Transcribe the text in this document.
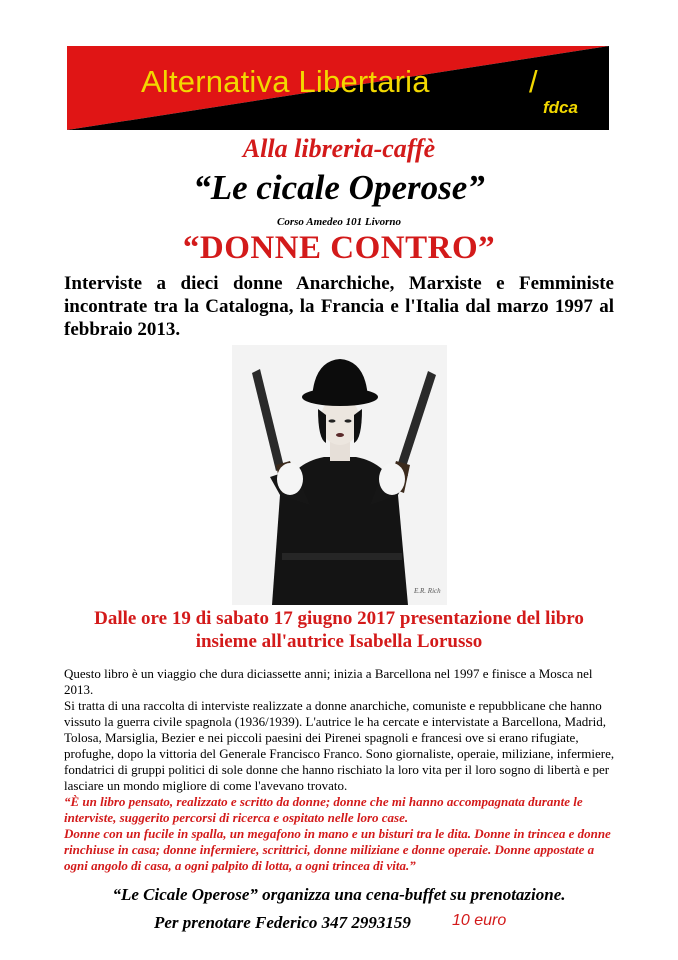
Alternativa Libertaria	/
fdca
Alla libreria-caffè
“Le cicale Operose”
Corso Amedeo 101 Livorno
“DONNE CONTRO”
Interviste a dieci donne Anarchiche, Marxiste e Femministe incontrate tra la Catalogna, la Francia e l'Italia dal marzo 1997 al febbraio 2013.
E.R. Rich
Dalle ore 19 di sabato 17 giugno 2017 presentazione del libro
insieme all'autrice Isabella Lorusso

Questo libro è un viaggio che dura diciassette anni; inizia a Barcellona nel 1997 e finisce a Mosca nel 2013.

Si tratta di una raccolta di interviste realizzate a donne anarchiche, comuniste e repubblicane che hanno vissuto la guerra civile spagnola (1936/1939). L'autrice le ha cercate e intervistate a Barcellona, Madrid, Tolosa, Marsiglia, Bezier e nei piccoli paesini dei Pirenei spagnoli e francesi ove si erano rifugiate, profughe, dopo la vittoria del Generale Francisco Franco. Sono giornaliste, operaie, miliziane, infermiere, fondatrici di gruppi politici di sole donne che hanno rischiato la loro vita per il loro sogno di libertà e per lasciare un mondo migliore di come l'avevano trovato.

“È un libro pensato, realizzato e scritto da donne; donne che mi hanno accompagnata durante le interviste, suggerito percorsi di ricerca e ospitato nelle loro case.

Donne con un fucile in spalla, un megafono in mano e un bisturi tra le dita. Donne in trincea e donne rinchiuse in casa; donne infermiere, scrittrici, donne miliziane e donne operaie. Donne appostate a ogni angolo di casa, a ogni palpito di lotta, a ogni trincea di vita.”

“Le Cicale Operose” organizza una cena-buffet su prenotazione.
Per prenotare Federico 347 2993159	10 euro
